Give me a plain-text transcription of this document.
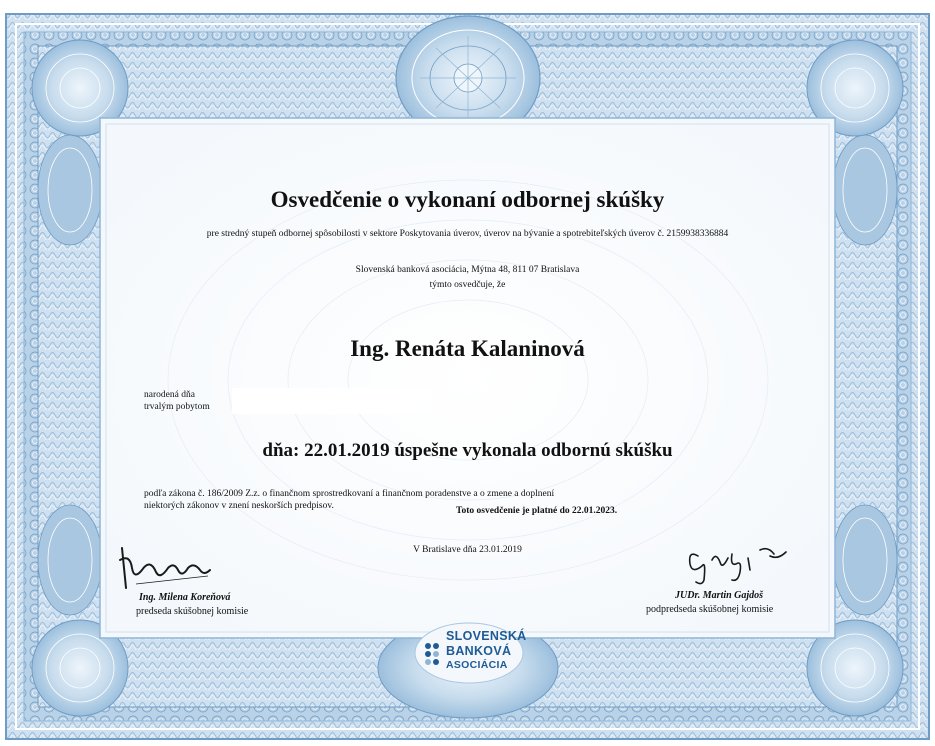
Osvedčenie o vykonaní odbornej skúšky
pre stredný stupeň odbornej spôsobilosti v sektore Poskytovania úverov, úverov na bývanie a spotrebiteľských úverov č. 2159938336884
Slovenská banková asociácia, Mýtna 48, 811 07 Bratislava
týmto osvedčuje, že
Ing. Renáta Kalaninová
narodená dňa
trvalým pobytom
dňa: 22.01.2019 úspešne vykonala odbornú skúšku
podľa zákona č. 186/2009 Z.z. o finančnom sprostredkovaní a finančnom poradenstve a o zmene a doplnení
niektorých zákonov v znení neskorších predpisov.	Toto osvedčenie je platné do 22.01.2023.
V Bratislave dňa 23.01.2019
Ing. Milena Koreňová
predseda skúšobnej komisie
JUDr. Martin Gajdoš
podpredseda skúšobnej komisie
SLOVENSKÁ
BANKOVÁ
ASOCIÁCIA
